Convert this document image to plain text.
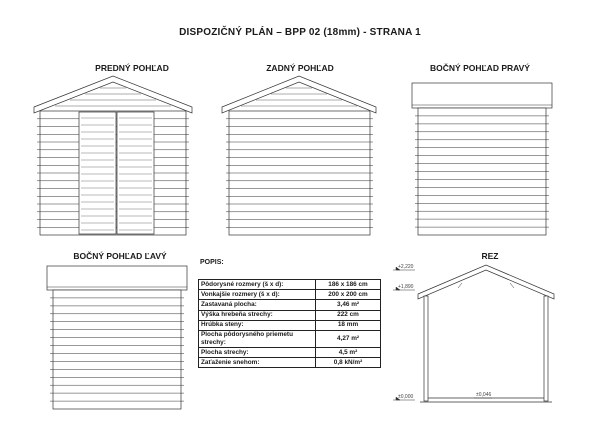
DISPOZIČNÝ PLÁN – BPP 02 (18mm) - STRANA 1
PREDNÝ POHĽAD	ZADNÝ POHĽAD	BOČNÝ POHĽAD PRAVÝ
BOČNÝ POHĽAD ĽAVÝ	REZ
POPIS:
Pôdorysné rozmery (š x d):	186 x 186 cm
Vonkajšie rozmery (š x d):	200 x 200 cm
Zastavaná plocha:	3,46 m²
Výška hrebeňa strechy:	222 cm
Hrúbka steny:	18 mm
Plocha pôdorysného priemetu strechy:	4,27 m²
Plocha strechy:	4,5 m²
Zaťaženie snehom:	0,8 kN/m²
+2,220
+1,890
±0,000	±0,046
